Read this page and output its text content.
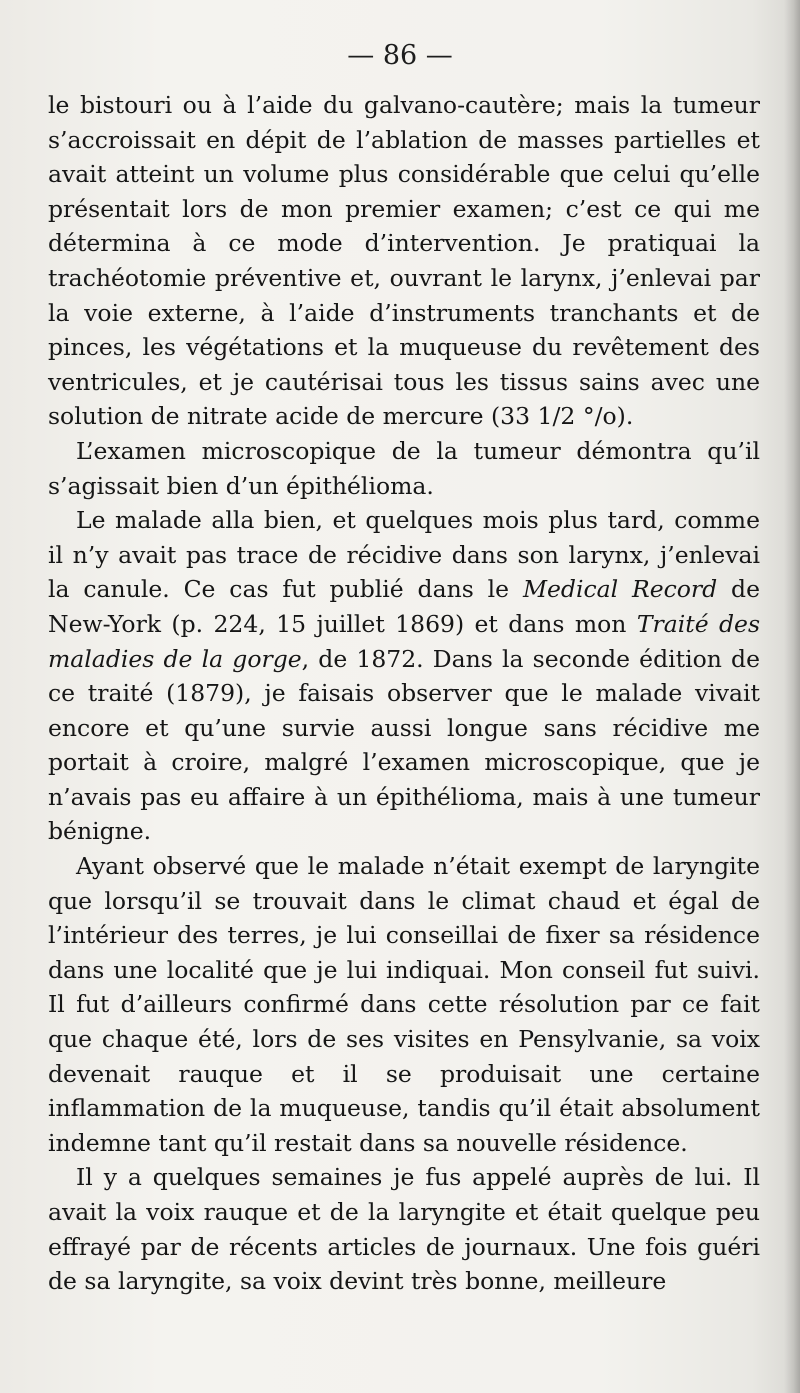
— 86 —

le bistouri ou à l’aide du galvano-cautère; mais la tumeur s’accroissait en dépit de l’ablation de masses partielles et avait atteint un volume plus considérable que celui qu’elle présentait lors de mon premier examen; c’est ce qui me détermina à ce mode d’intervention. Je pratiquai la trachéotomie préventive et, ouvrant le larynx, j’enlevai par la voie externe, à l’aide d’instruments tranchants et de pinces, les végétations et la muqueuse du revêtement des ventricules, et je cautérisai tous les tissus sains avec une solution de nitrate acide de mercure (33 1/2 °/o).

L’examen microscopique de la tumeur démontra qu’il s’agissait bien d’un épithélioma.

Le malade alla bien, et quelques mois plus tard, comme il n’y avait pas trace de récidive dans son larynx, j’enlevai la canule. Ce cas fut publié dans le Medical Record de New-York (p. 224, 15 juillet 1869) et dans mon Traité des maladies de la gorge, de 1872. Dans la seconde édition de ce traité (1879), je faisais observer que le malade vivait encore et qu’une survie aussi longue sans récidive me portait à croire, malgré l’examen microscopique, que je n’avais pas eu affaire à un épithélioma, mais à une tumeur bénigne.

Ayant observé que le malade n’était exempt de laryngite que lorsqu’il se trouvait dans le climat chaud et égal de l’intérieur des terres, je lui conseillai de fixer sa résidence dans une localité que je lui indiquai. Mon conseil fut suivi. Il fut d’ailleurs confirmé dans cette résolution par ce fait que chaque été, lors de ses visites en Pensylvanie, sa voix devenait rauque et il se produisait une certaine inflammation de la muqueuse, tandis qu’il était absolument indemne tant qu’il restait dans sa nouvelle résidence.

Il y a quelques semaines je fus appelé auprès de lui. Il avait la voix rauque et de la laryngite et était quelque peu effrayé par de récents articles de journaux. Une fois guéri de sa laryngite, sa voix devint très bonne, meilleure
